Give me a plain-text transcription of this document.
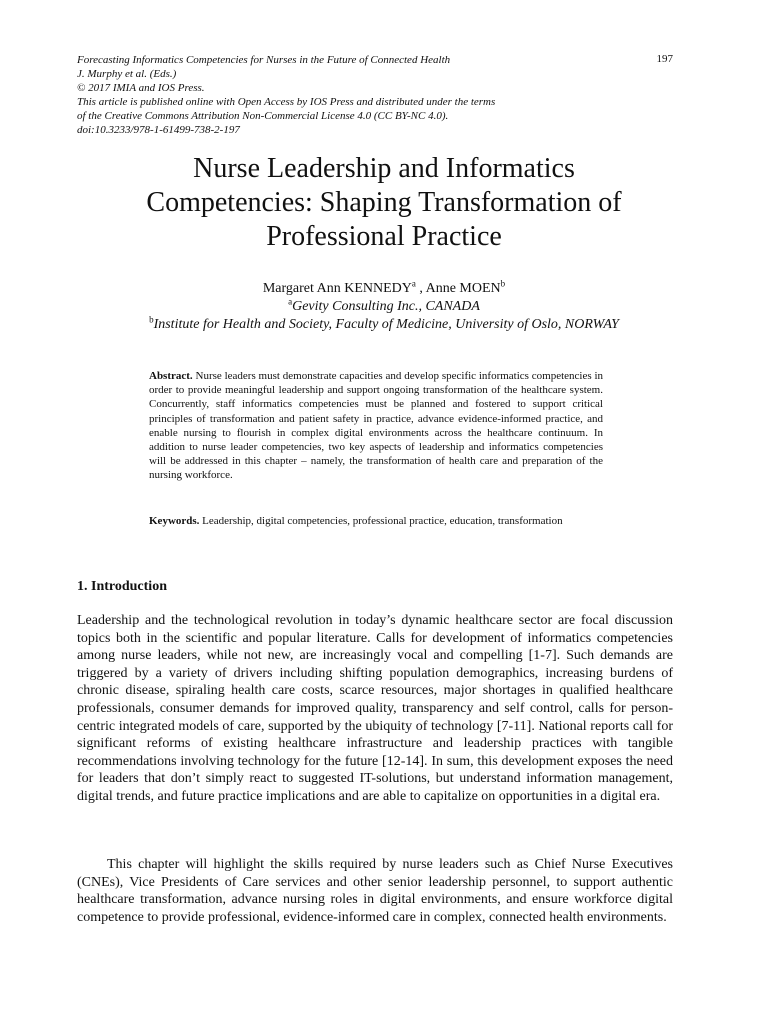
197
Forecasting Informatics Competencies for Nurses in the Future of Connected Health
J. Murphy et al. (Eds.)
© 2017 IMIA and IOS Press.
This article is published online with Open Access by IOS Press and distributed under the terms
of the Creative Commons Attribution Non-Commercial License 4.0 (CC BY-NC 4.0).
doi:10.3233/978-1-61499-738-2-197
Nurse Leadership and Informatics
Competencies: Shaping Transformation of
Professional Practice
Margaret Ann KENNEDY$^a$ , Anne MOEN$^b$
$^a$Gevity Consulting Inc., CANADA
$^b$Institute for Health and Society, Faculty of Medicine, University of Oslo, NORWAY
Abstract. Nurse leaders must demonstrate capacities and develop specific informatics competencies in order to provide meaningful leadership and support ongoing transformation of the healthcare system. Concurrently, staff informatics competencies must be planned and fostered to support critical principles of transformation and patient safety in practice, advance evidence-informed practice, and enable nursing to flourish in complex digital environments across the healthcare continuum. In addition to nurse leader competencies, two key aspects of leadership and informatics competencies will be addressed in this chapter – namely, the transformation of health care and preparation of the nursing workforce.
Keywords. Leadership, digital competencies, professional practice, education, transformation
1. Introduction

Leadership and the technological revolution in today’s dynamic healthcare sector are focal discussion topics both in the scientific and popular literature. Calls for development of informatics competencies among nurse leaders, while not new, are increasingly vocal and compelling [1-7]. Such demands are triggered by a variety of drivers including shifting population demographics, increasing burdens of chronic disease, spiraling health care costs, scarce resources, major shortages in qualified healthcare professionals, consumer demands for improved quality, transparency and self control, calls for person-centric integrated models of care, supported by the ubiquity of technology [7-11]. National reports call for significant reforms of existing healthcare infrastructure and leadership practices with tangible recommendations involving technology for the future [12-14]. In sum, this development exposes the need for leaders that don’t simply react to suggested IT-solutions, but understand information management, digital trends, and future practice implications and are able to capitalize on opportunities in a digital era.

This chapter will highlight the skills required by nurse leaders such as Chief Nurse Executives (CNEs), Vice Presidents of Care services and other senior leadership personnel, to support authentic healthcare transformation, advance nursing roles in digital environments, and ensure workforce digital competence to provide professional, evidence-informed care in complex, connected health environments.
